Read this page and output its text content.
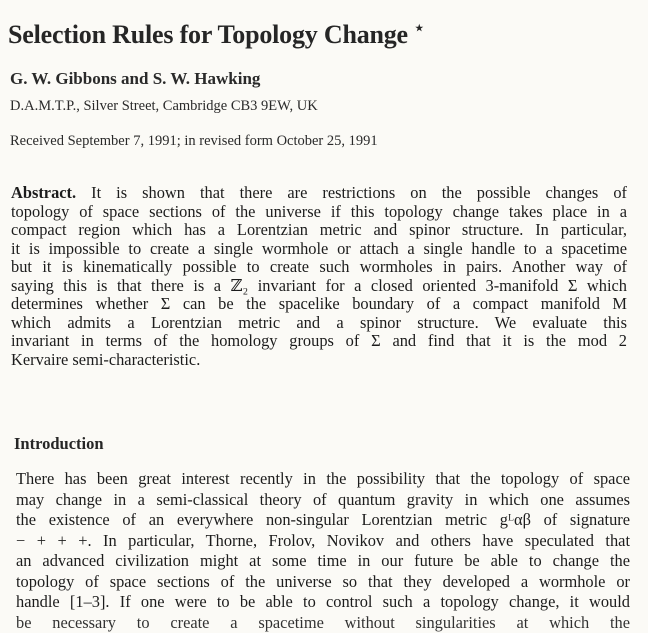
Selection Rules for Topology Change ⋆
G. W. Gibbons and S. W. Hawking
D.A.M.T.P., Silver Street, Cambridge CB3 9EW, UK
Received September 7, 1991; in revised form October 25, 1991
Abstract. It is shown that there are restrictions on the possible changes of
topology of space sections of the universe if this topology change takes place in a
compact region which has a Lorentzian metric and spinor structure. In particular,
it is impossible to create a single wormhole or attach a single handle to a spacetime
but it is kinematically possible to create such wormholes in pairs. Another way of
saying this is that there is a ℤ₂ invariant for a closed oriented 3-manifold Σ which
determines whether Σ can be the spacelike boundary of a compact manifold M
which admits a Lorentzian metric and a spinor structure. We evaluate this
invariant in terms of the homology groups of Σ and find that it is the mod 2
Kervaire semi-characteristic.
Introduction
There has been great interest recently in the possibility that the topology of space
may change in a semi-classical theory of quantum gravity in which one assumes
the existence of an everywhere non-singular Lorentzian metric gᴸαβ of signature
− + + +. In particular, Thorne, Frolov, Novikov and others have speculated that
an advanced civilization might at some time in our future be able to change the
topology of space sections of the universe so that they developed a wormhole or
handle [1–3]. If one were to be able to control such a topology change, it would
be necessary to create a spacetime without singularities at which the
